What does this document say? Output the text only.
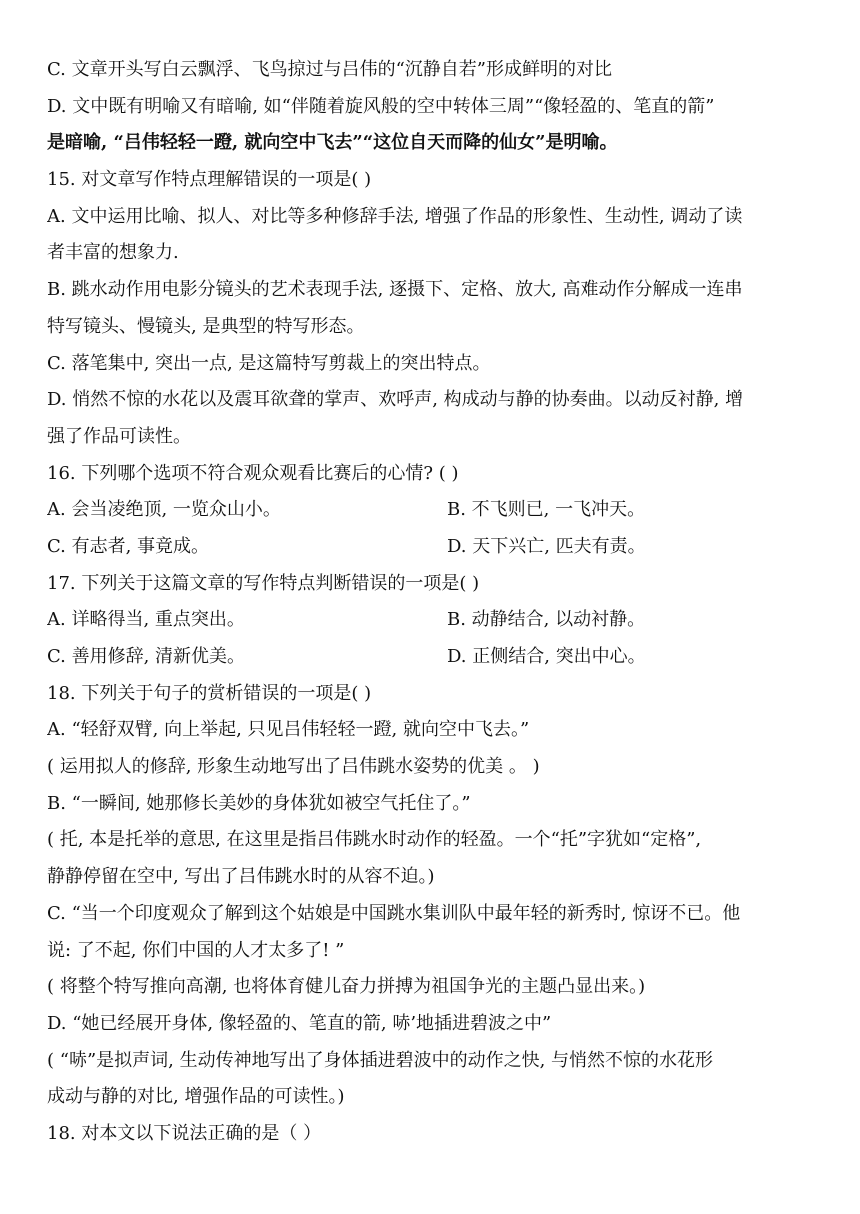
C. 文章开头写白云飘浮、飞鸟掠过与吕伟的“沉静自若”形成鲜明的对比
D. 文中既有明喻又有暗喻, 如“伴随着旋风般的空中转体三周”“像轻盈的、笔直的箭”
是暗喻, “吕伟轻轻一蹬, 就向空中飞去”“这位自天而降的仙女”是明喻。
15. 对文章写作特点理解错误的一项是( )
A. 文中运用比喻、拟人、对比等多种修辞手法, 增强了作品的形象性、生动性, 调动了读
者丰富的想象力.
B. 跳水动作用电影分镜头的艺术表现手法, 逐摄下、定格、放大, 高难动作分解成一连串
特写镜头、慢镜头, 是典型的特写形态。
C. 落笔集中, 突出一点, 是这篇特写剪裁上的突出特点。
D. 悄然不惊的水花以及震耳欲聋的掌声、欢呼声, 构成动与静的协奏曲。以动反衬静, 增
强了作品可读性。
16. 下列哪个选项不符合观众观看比赛后的心情? ( )
A. 会当凌绝顶, 一览众山小。	B. 不飞则已, 一飞冲天。
C. 有志者, 事竟成。	D. 天下兴亡, 匹夫有责。
17. 下列关于这篇文章的写作特点判断错误的一项是( )
A. 详略得当, 重点突出。	B. 动静结合, 以动衬静。
C. 善用修辞, 清新优美。	D. 正侧结合, 突出中心。
18. 下列关于句子的赏析错误的一项是( )
A. “轻舒双臂, 向上举起, 只见吕伟轻轻一蹬, 就向空中飞去。”
( 运用拟人的修辞, 形象生动地写出了吕伟跳水姿势的优美 。 )
B. “一瞬间, 她那修长美妙的身体犹如被空气托住了。”
( 托, 本是托举的意思, 在这里是指吕伟跳水时动作的轻盈。一个“托”字犹如“定格”,
静静停留在空中, 写出了吕伟跳水时的从容不迫。)
C. “当一个印度观众了解到这个姑娘是中国跳水集训队中最年轻的新秀时, 惊讶不已。他
说: 了不起, 你们中国的人才太多了! ”
( 将整个特写推向高潮, 也将体育健儿奋力拼搏为祖国争光的主题凸显出来。)
D. “她已经展开身体, 像轻盈的、笔直的箭, 哧’地插进碧波之中”
( “哧”是拟声词, 生动传神地写出了身体插进碧波中的动作之快, 与悄然不惊的水花形
成动与静的对比, 增强作品的可读性。)
18. 对本文以下说法正确的是（ ）
